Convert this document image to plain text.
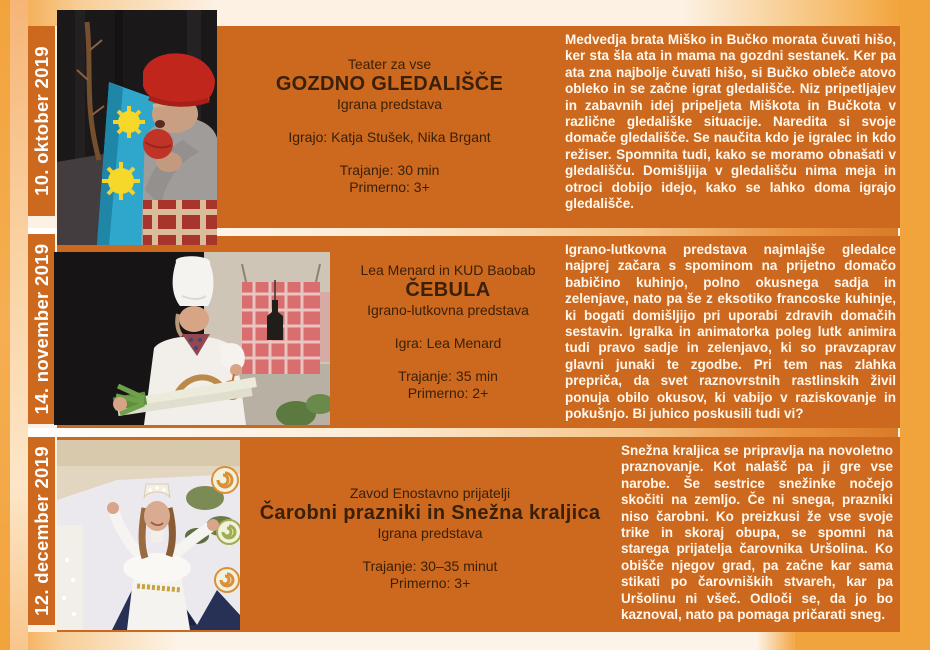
10. oktober 2019	Teater za vse
GOZDNO GLEDALIŠČE
Igrana predstava
Igrajo: Katja Stušek, Nika Brgant
Trajanje: 30 min
Primerno: 3+
Medvedja brata Miško in Bučko morata čuvati hišo, ker sta šla ata in mama na gozdni sestanek. Ker pa ata zna najbolje čuvati hišo, si Bučko obleče atovo obleko in se začne igrat gledališče. Niz pripetljajev in zabavnih idej pripeljeta Miškota in Bučkota v različne gledališke situacije. Naredita si svoje domače gledališče. Se naučita kdo je igralec in kdo režiser. Spomnita tudi, kako se moramo obnašati v gledališču. Domišljija v gledališču nima meja in otroci dobijo idejo, kako se lahko doma igrajo gledališče.
14. november 2019	Lea Menard in KUD Baobab
ČEBULA
Igrano-lutkovna predstava
Igra: Lea Menard
Trajanje: 35 min
Primerno: 2+
Igrano-lutkovna predstava najmlajše gledalce najprej začara s spominom na prijetno domačo babičino kuhinjo, polno okusnega sadja in zelenjave, nato pa še z eksotiko francoske kuhinje, ki bogati domišljijo pri uporabi zdravih domačih sestavin. Igralka in animatorka poleg lutk animira tudi pravo sadje in zelenjavo, ki so pravzaprav glavni junaki te zgodbe. Pri tem nas zlahka prepriča, da svet raznovrstnih rastlinskih živil ponuja obilo okusov, ki vabijo v raziskovanje in pokušnjo. Bi juhico poskusili tudi vi?
12. december 2019	Zavod Enostavno prijatelji
Čarobni prazniki in Snežna kraljica
Igrana predstava
Trajanje: 30–35 minut
Primerno: 3+
Snežna kraljica se pripravlja na novoletno praznovanje. Kot nalašč pa ji gre vse narobe. Še sestrice snežinke nočejo skočiti na zemljo. Če ni snega, prazniki niso čarobni. Ko preizkusi že vse svoje trike in skoraj obupa, se spomni na starega prijatelja čarovnika Uršolina. Ko obišče njegov grad, pa začne kar sama stikati po čarovniških stvareh, kar pa Uršolinu ni všeč. Odloči se, da jo bo kaznoval, nato pa pomaga pričarati sneg.
